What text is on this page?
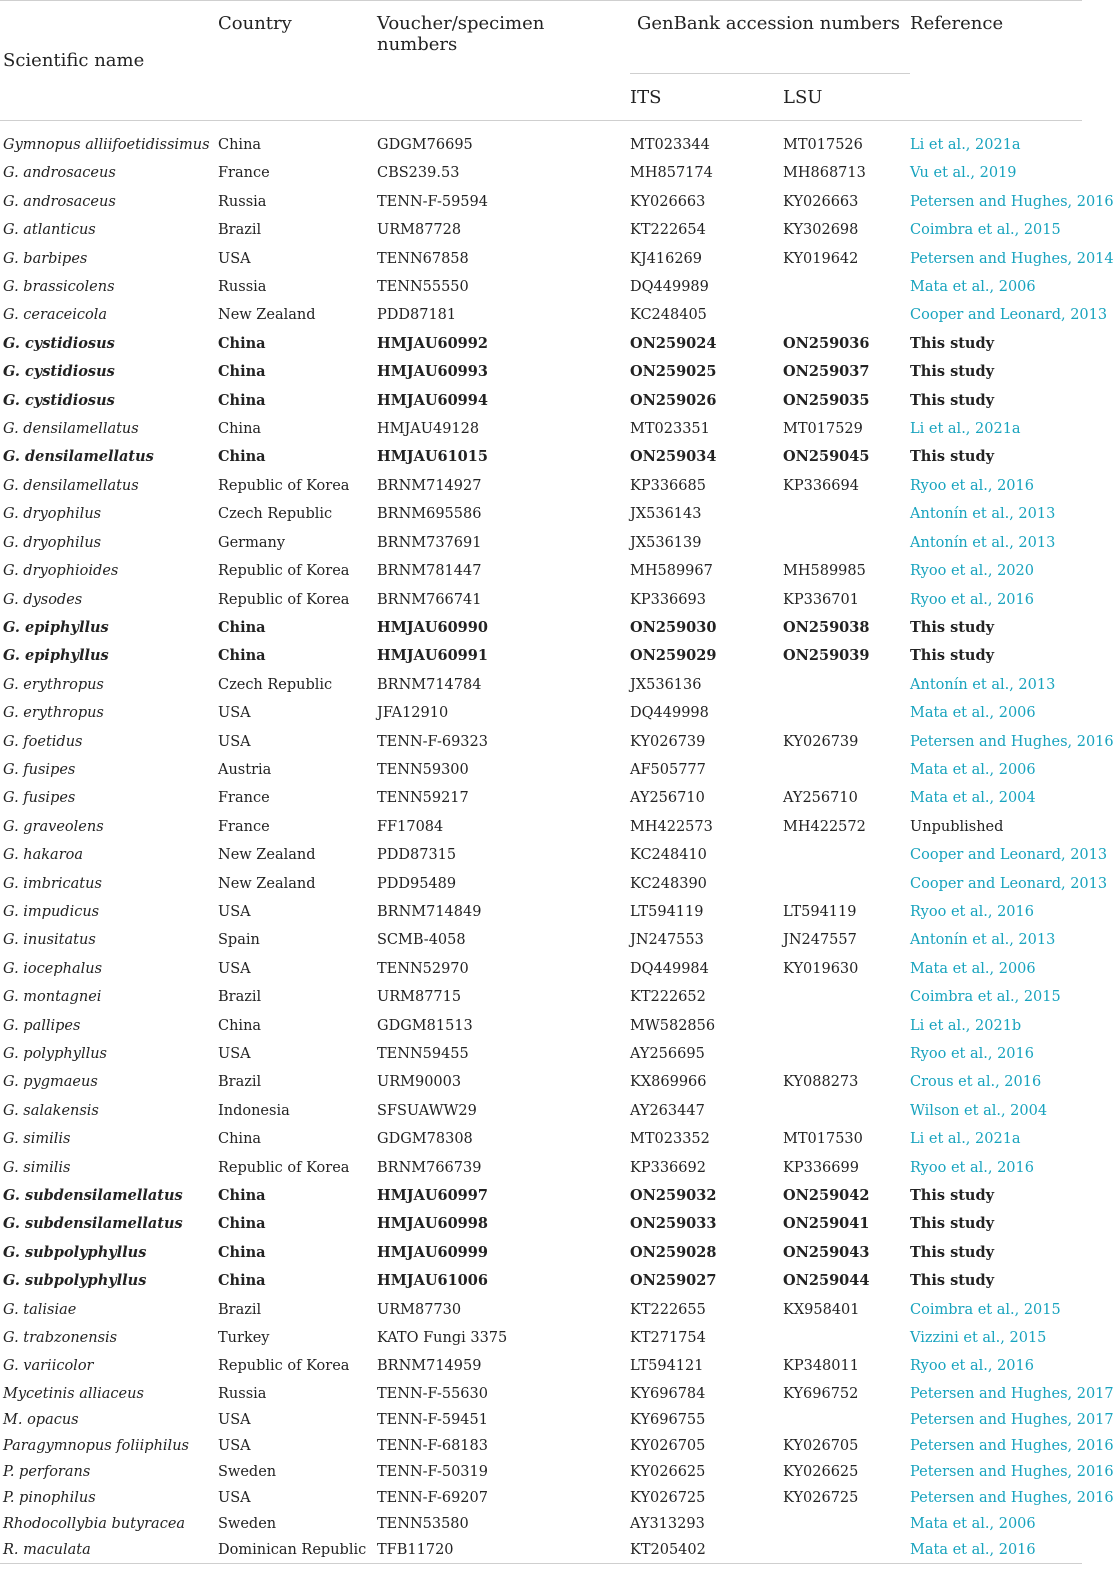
Scientific name	Country	Voucher/specimen numbers	GenBank accession numbers		Reference
			ITS	LSU	

Gymnopus alliifoetidissimus	China	GDGM76695	MT023344	MT017526	Li et al., 2021a
G. androsaceus	France	CBS239.53	MH857174	MH868713	Vu et al., 2019
G. androsaceus	Russia	TENN-F-59594	KY026663	KY026663	Petersen and Hughes, 2016
G. atlanticus	Brazil	URM87728	KT222654	KY302698	Coimbra et al., 2015
G. barbipes	USA	TENN67858	KJ416269	KY019642	Petersen and Hughes, 2014
G. brassicolens	Russia	TENN55550	DQ449989		Mata et al., 2006
G. ceraceicola	New Zealand	PDD87181	KC248405		Cooper and Leonard, 2013
G. cystidiosus	China	HMJAU60992	ON259024	ON259036	This study
G. cystidiosus	China	HMJAU60993	ON259025	ON259037	This study
G. cystidiosus	China	HMJAU60994	ON259026	ON259035	This study
G. densilamellatus	China	HMJAU49128	MT023351	MT017529	Li et al., 2021a
G. densilamellatus	China	HMJAU61015	ON259034	ON259045	This study
G. densilamellatus	Republic of Korea	BRNM714927	KP336685	KP336694	Ryoo et al., 2016
G. dryophilus	Czech Republic	BRNM695586	JX536143		Antonín et al., 2013
G. dryophilus	Germany	BRNM737691	JX536139		Antonín et al., 2013
G. dryophioides	Republic of Korea	BRNM781447	MH589967	MH589985	Ryoo et al., 2020
G. dysodes	Republic of Korea	BRNM766741	KP336693	KP336701	Ryoo et al., 2016
G. epiphyllus	China	HMJAU60990	ON259030	ON259038	This study
G. epiphyllus	China	HMJAU60991	ON259029	ON259039	This study
G. erythropus	Czech Republic	BRNM714784	JX536136		Antonín et al., 2013
G. erythropus	USA	JFA12910	DQ449998		Mata et al., 2006
G. foetidus	USA	TENN-F-69323	KY026739	KY026739	Petersen and Hughes, 2016
G. fusipes	Austria	TENN59300	AF505777		Mata et al., 2006
G. fusipes	France	TENN59217	AY256710	AY256710	Mata et al., 2004
G. graveolens	France	FF17084	MH422573	MH422572	Unpublished
G. hakaroa	New Zealand	PDD87315	KC248410		Cooper and Leonard, 2013
G. imbricatus	New Zealand	PDD95489	KC248390		Cooper and Leonard, 2013
G. impudicus	USA	BRNM714849	LT594119	LT594119	Ryoo et al., 2016
G. inusitatus	Spain	SCMB-4058	JN247553	JN247557	Antonín et al., 2013
G. iocephalus	USA	TENN52970	DQ449984	KY019630	Mata et al., 2006
G. montagnei	Brazil	URM87715	KT222652		Coimbra et al., 2015
G. pallipes	China	GDGM81513	MW582856		Li et al., 2021b
G. polyphyllus	USA	TENN59455	AY256695		Ryoo et al., 2016
G. pygmaeus	Brazil	URM90003	KX869966	KY088273	Crous et al., 2016
G. salakensis	Indonesia	SFSUAWW29	AY263447		Wilson et al., 2004
G. similis	China	GDGM78308	MT023352	MT017530	Li et al., 2021a
G. similis	Republic of Korea	BRNM766739	KP336692	KP336699	Ryoo et al., 2016
G. subdensilamellatus	China	HMJAU60997	ON259032	ON259042	This study
G. subdensilamellatus	China	HMJAU60998	ON259033	ON259041	This study
G. subpolyphyllus	China	HMJAU60999	ON259028	ON259043	This study
G. subpolyphyllus	China	HMJAU61006	ON259027	ON259044	This study
G. talisiae	Brazil	URM87730	KT222655	KX958401	Coimbra et al., 2015
G. trabzonensis	Turkey	KATO Fungi 3375	KT271754		Vizzini et al., 2015
G. variicolor	Republic of Korea	BRNM714959	LT594121	KP348011	Ryoo et al., 2016
Mycetinis alliaceus	Russia	TENN-F-55630	KY696784	KY696752	Petersen and Hughes, 2017
M. opacus	USA	TENN-F-59451	KY696755		Petersen and Hughes, 2017
Paragymnopus foliiphilus	USA	TENN-F-68183	KY026705	KY026705	Petersen and Hughes, 2016
P. perforans	Sweden	TENN-F-50319	KY026625	KY026625	Petersen and Hughes, 2016
P. pinophilus	USA	TENN-F-69207	KY026725	KY026725	Petersen and Hughes, 2016
Rhodocollybia butyracea	Sweden	TENN53580	AY313293		Mata et al., 2006
R. maculata	Dominican Republic	TFB11720	KT205402		Mata et al., 2016
